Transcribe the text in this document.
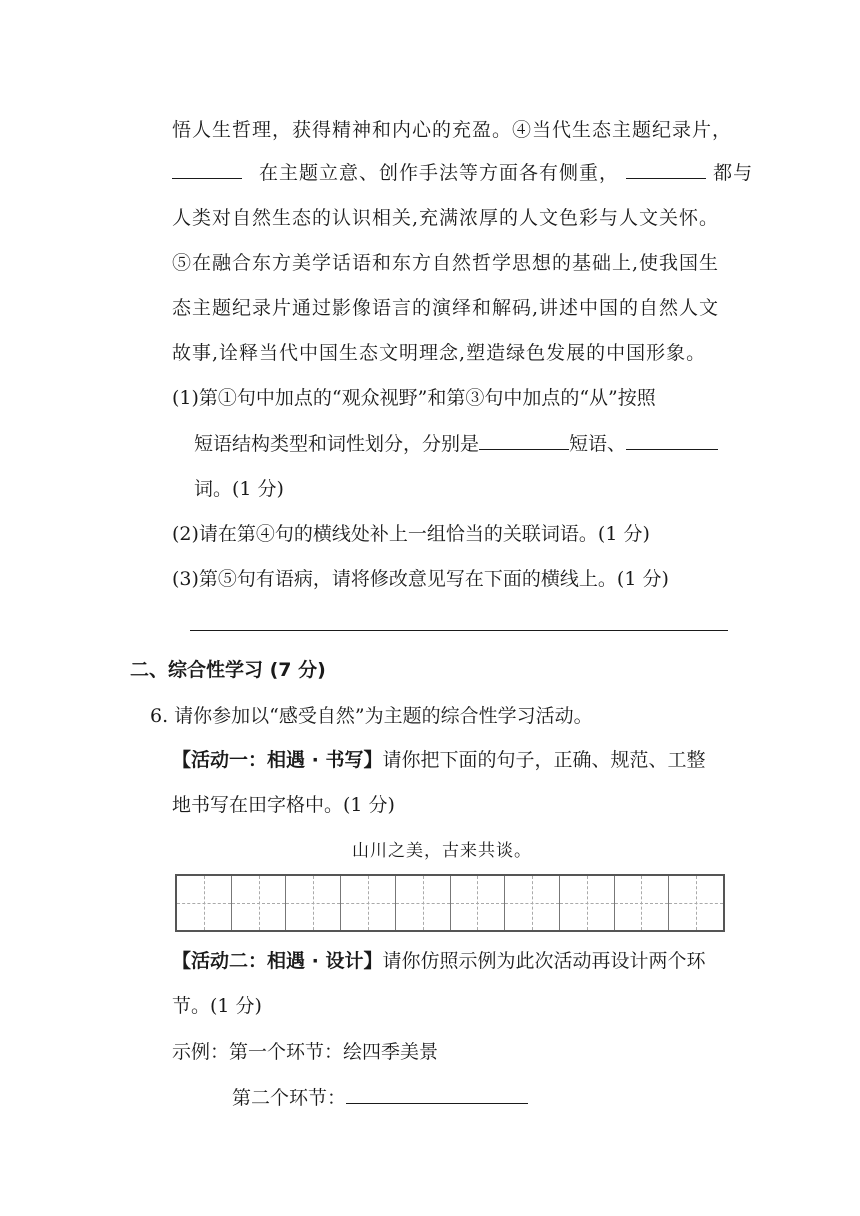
悟人生哲理，获得精神和内心的充盈。④当代生态主题纪录片，
在主题立意、创作手法等方面各有侧重，	都与
人类对自然生态的认识相关,充满浓厚的人文色彩与人文关怀。
⑤在融合东方美学话语和东方自然哲学思想的基础上,使我国生
态主题纪录片通过影像语言的演绎和解码,讲述中国的自然人文
故事,诠释当代中国生态文明理念,塑造绿色发展的中国形象。
(1)第①句中加点的“观众视野”和第③句中加点的“从”按照
短语结构类型和词性划分，分别是	短语、
词。(1 分)
(2)请在第④句的横线处补上一组恰当的关联词语。(1 分)
(3)第⑤句有语病，请将修改意见写在下面的横线上。(1 分)
二、综合性学习 (7 分)
6. 请你参加以“感受自然”为主题的综合性学习活动。
【活动一：相遇 · 书写】请你把下面的句子，正确、规范、工整
地书写在田字格中。(1 分)
山川之美，古来共谈。
【活动二：相遇 · 设计】请你仿照示例为此次活动再设计两个环
节。(1 分)
示例：第一个环节：绘四季美景
第二个环节：
